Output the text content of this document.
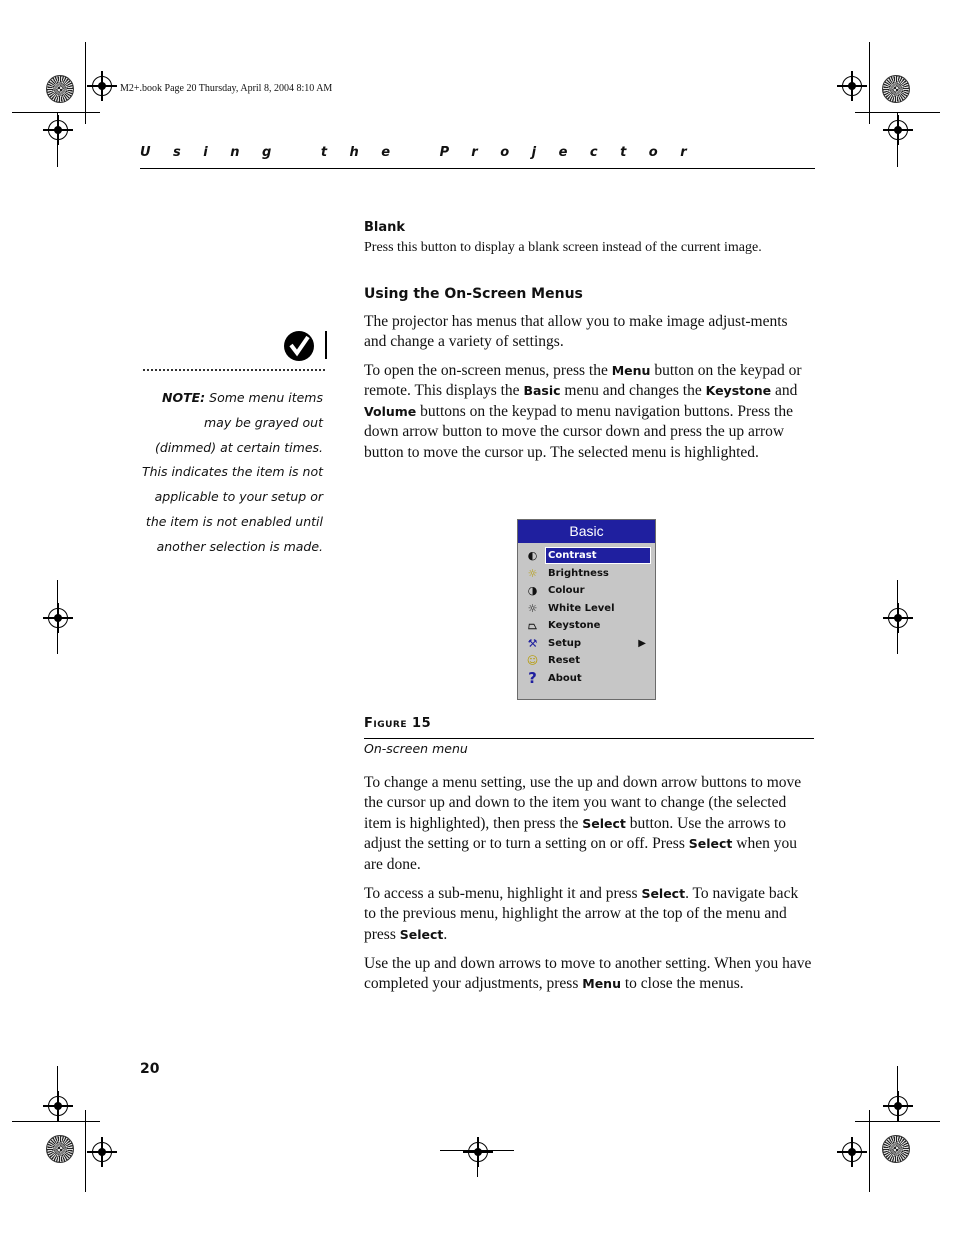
M2+.book Page 20 Thursday, April 8, 2004 8:10 AM
Using the Projector
Blank
Press this button to display a blank screen instead of the current image.
Using the On-Screen Menus
NOTE: Some menu items may be grayed out (dimmed) at certain times. This indicates the item is not applicable to your setup or the item is not enabled until another selection is made.
The projector has menus that allow you to make image adjust-ments and change a variety of settings.
To open the on-screen menus, press the Menu button on the keypad or remote. This displays the Basic menu and changes the Keystone and Volume buttons on the keypad to menu navigation buttons. Press the down arrow button to move the cursor down and press the up arrow button to move the cursor up. The selected menu is highlighted.
Basic
◐ Contrast
☼ Brightness
◑ Colour
☼ White Level
⏢ Keystone
⚒ Setup	▶
☺ Reset
? About
Figure 15
On-screen menu
To change a menu setting, use the up and down arrow buttons to move the cursor up and down to the item you want to change (the selected item is highlighted), then press the Select button. Use the arrows to adjust the setting or to turn a setting on or off. Press Select when you are done.
To access a sub-menu, highlight it and press Select. To navigate back to the previous menu, highlight the arrow at the top of the menu and press Select.
Use the up and down arrows to move to another setting. When you have completed your adjustments, press Menu to close the menus.
20
